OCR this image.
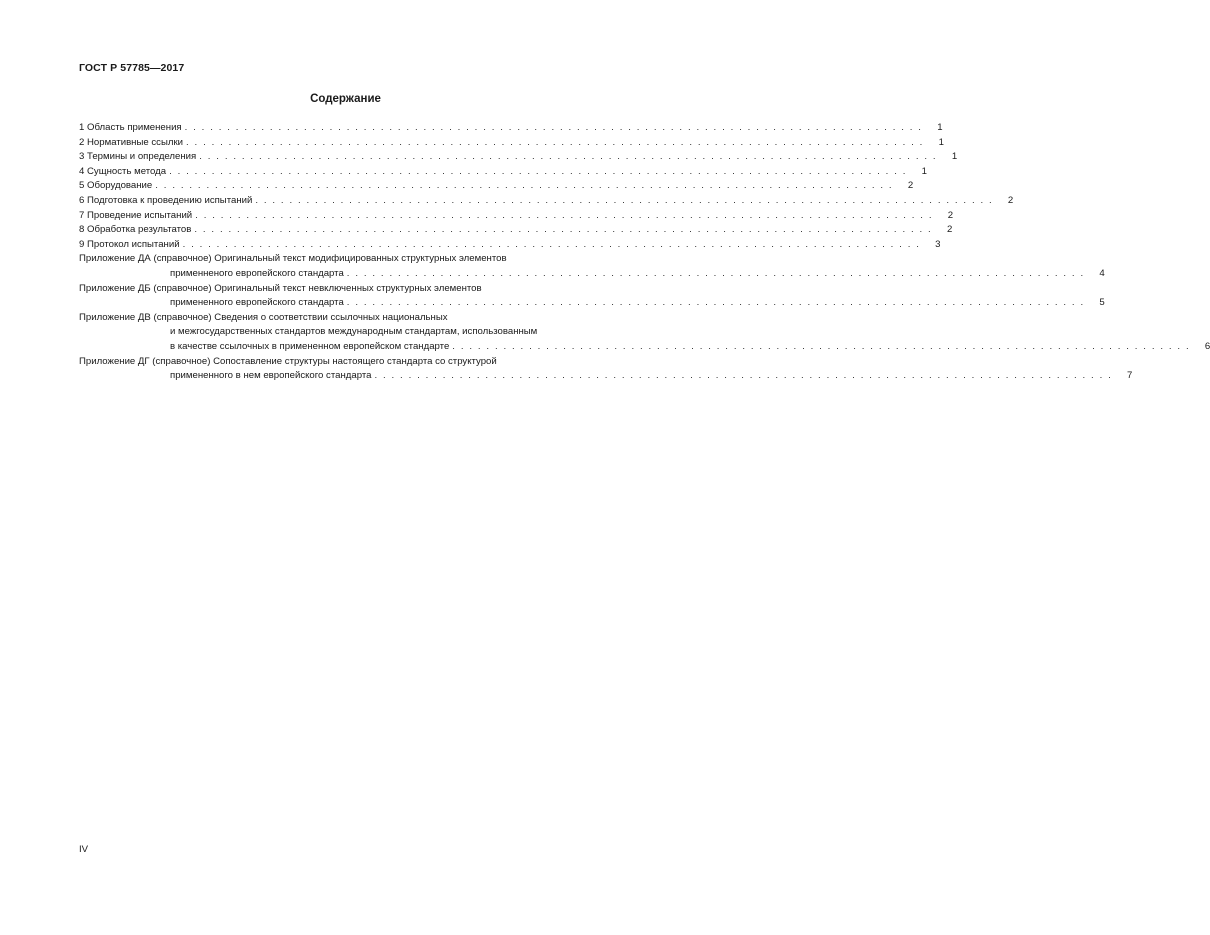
ГОСТ Р 57785—2017
Содержание
1 Область применения . . . . . . . . . . . . . . . . . . . . . . . . . . . . . . . . . . . . . . . . . . . . . . . . . . . . . . . . . . . . . . . . . . . . . . . . . . . . . . . . . . . . . . .	1
2 Нормативные ссылки . . . . . . . . . . . . . . . . . . . . . . . . . . . . . . . . . . . . . . . . . . . . . . . . . . . . . . . . . . . . . . . . . . . . . . . . . . . . . . . . . . . . . . .	1
3 Термины и определения . . . . . . . . . . . . . . . . . . . . . . . . . . . . . . . . . . . . . . . . . . . . . . . . . . . . . . . . . . . . . . . . . . . . . . . . . . . . . . . . . . . . . . .	1
4 Сущность метода . . . . . . . . . . . . . . . . . . . . . . . . . . . . . . . . . . . . . . . . . . . . . . . . . . . . . . . . . . . . . . . . . . . . . . . . . . . . . . . . . . . . . . .	1
5 Оборудование . . . . . . . . . . . . . . . . . . . . . . . . . . . . . . . . . . . . . . . . . . . . . . . . . . . . . . . . . . . . . . . . . . . . . . . . . . . . . . . . . . . . . . .	2
6 Подготовка к проведению испытаний . . . . . . . . . . . . . . . . . . . . . . . . . . . . . . . . . . . . . . . . . . . . . . . . . . . . . . . . . . . . . . . . . . . . . . . . . . . . . . . . . . . . . . .	2
7 Проведение испытаний . . . . . . . . . . . . . . . . . . . . . . . . . . . . . . . . . . . . . . . . . . . . . . . . . . . . . . . . . . . . . . . . . . . . . . . . . . . . . . . . . . . . . . .	2
8 Обработка результатов . . . . . . . . . . . . . . . . . . . . . . . . . . . . . . . . . . . . . . . . . . . . . . . . . . . . . . . . . . . . . . . . . . . . . . . . . . . . . . . . . . . . . . .	2
9 Протокол испытаний . . . . . . . . . . . . . . . . . . . . . . . . . . . . . . . . . . . . . . . . . . . . . . . . . . . . . . . . . . . . . . . . . . . . . . . . . . . . . . . . . . . . . . .	3
Приложение ДА (справочное) Оригинальный текст модифицированных структурных элементов
применненого европейского стандарта . . . . . . . . . . . . . . . . . . . . . . . . . . . . . . . . . . . . . . . . . . . . . . . . . . . . . . . . . . . . . . . . . . . . . . . . . . . . . . . . . . . . . . .	4
Приложение ДБ (справочное) Оригинальный текст невключенных структурных элементов
примененного европейского стандарта . . . . . . . . . . . . . . . . . . . . . . . . . . . . . . . . . . . . . . . . . . . . . . . . . . . . . . . . . . . . . . . . . . . . . . . . . . . . . . . . . . . . . . .	5
Приложение ДВ (справочное) Сведения о соответствии ссылочных национальных
и межгосударственных стандартов международным стандартам, использованным
в качестве ссылочных в примененном европейском стандарте . . . . . . . . . . . . . . . . . . . . . . . . . . . . . . . . . . . . . . . . . . . . . . . . . . . . . . . . . . . . . . . . . . . . . . . . . . . . . . . . . . . . . . .	6
Приложение ДГ (справочное) Сопоставление структуры настоящего стандарта со структурой
примененного в нем европейского стандарта . . . . . . . . . . . . . . . . . . . . . . . . . . . . . . . . . . . . . . . . . . . . . . . . . . . . . . . . . . . . . . . . . . . . . . . . . . . . . . . . . . . . . . .	7
IV
